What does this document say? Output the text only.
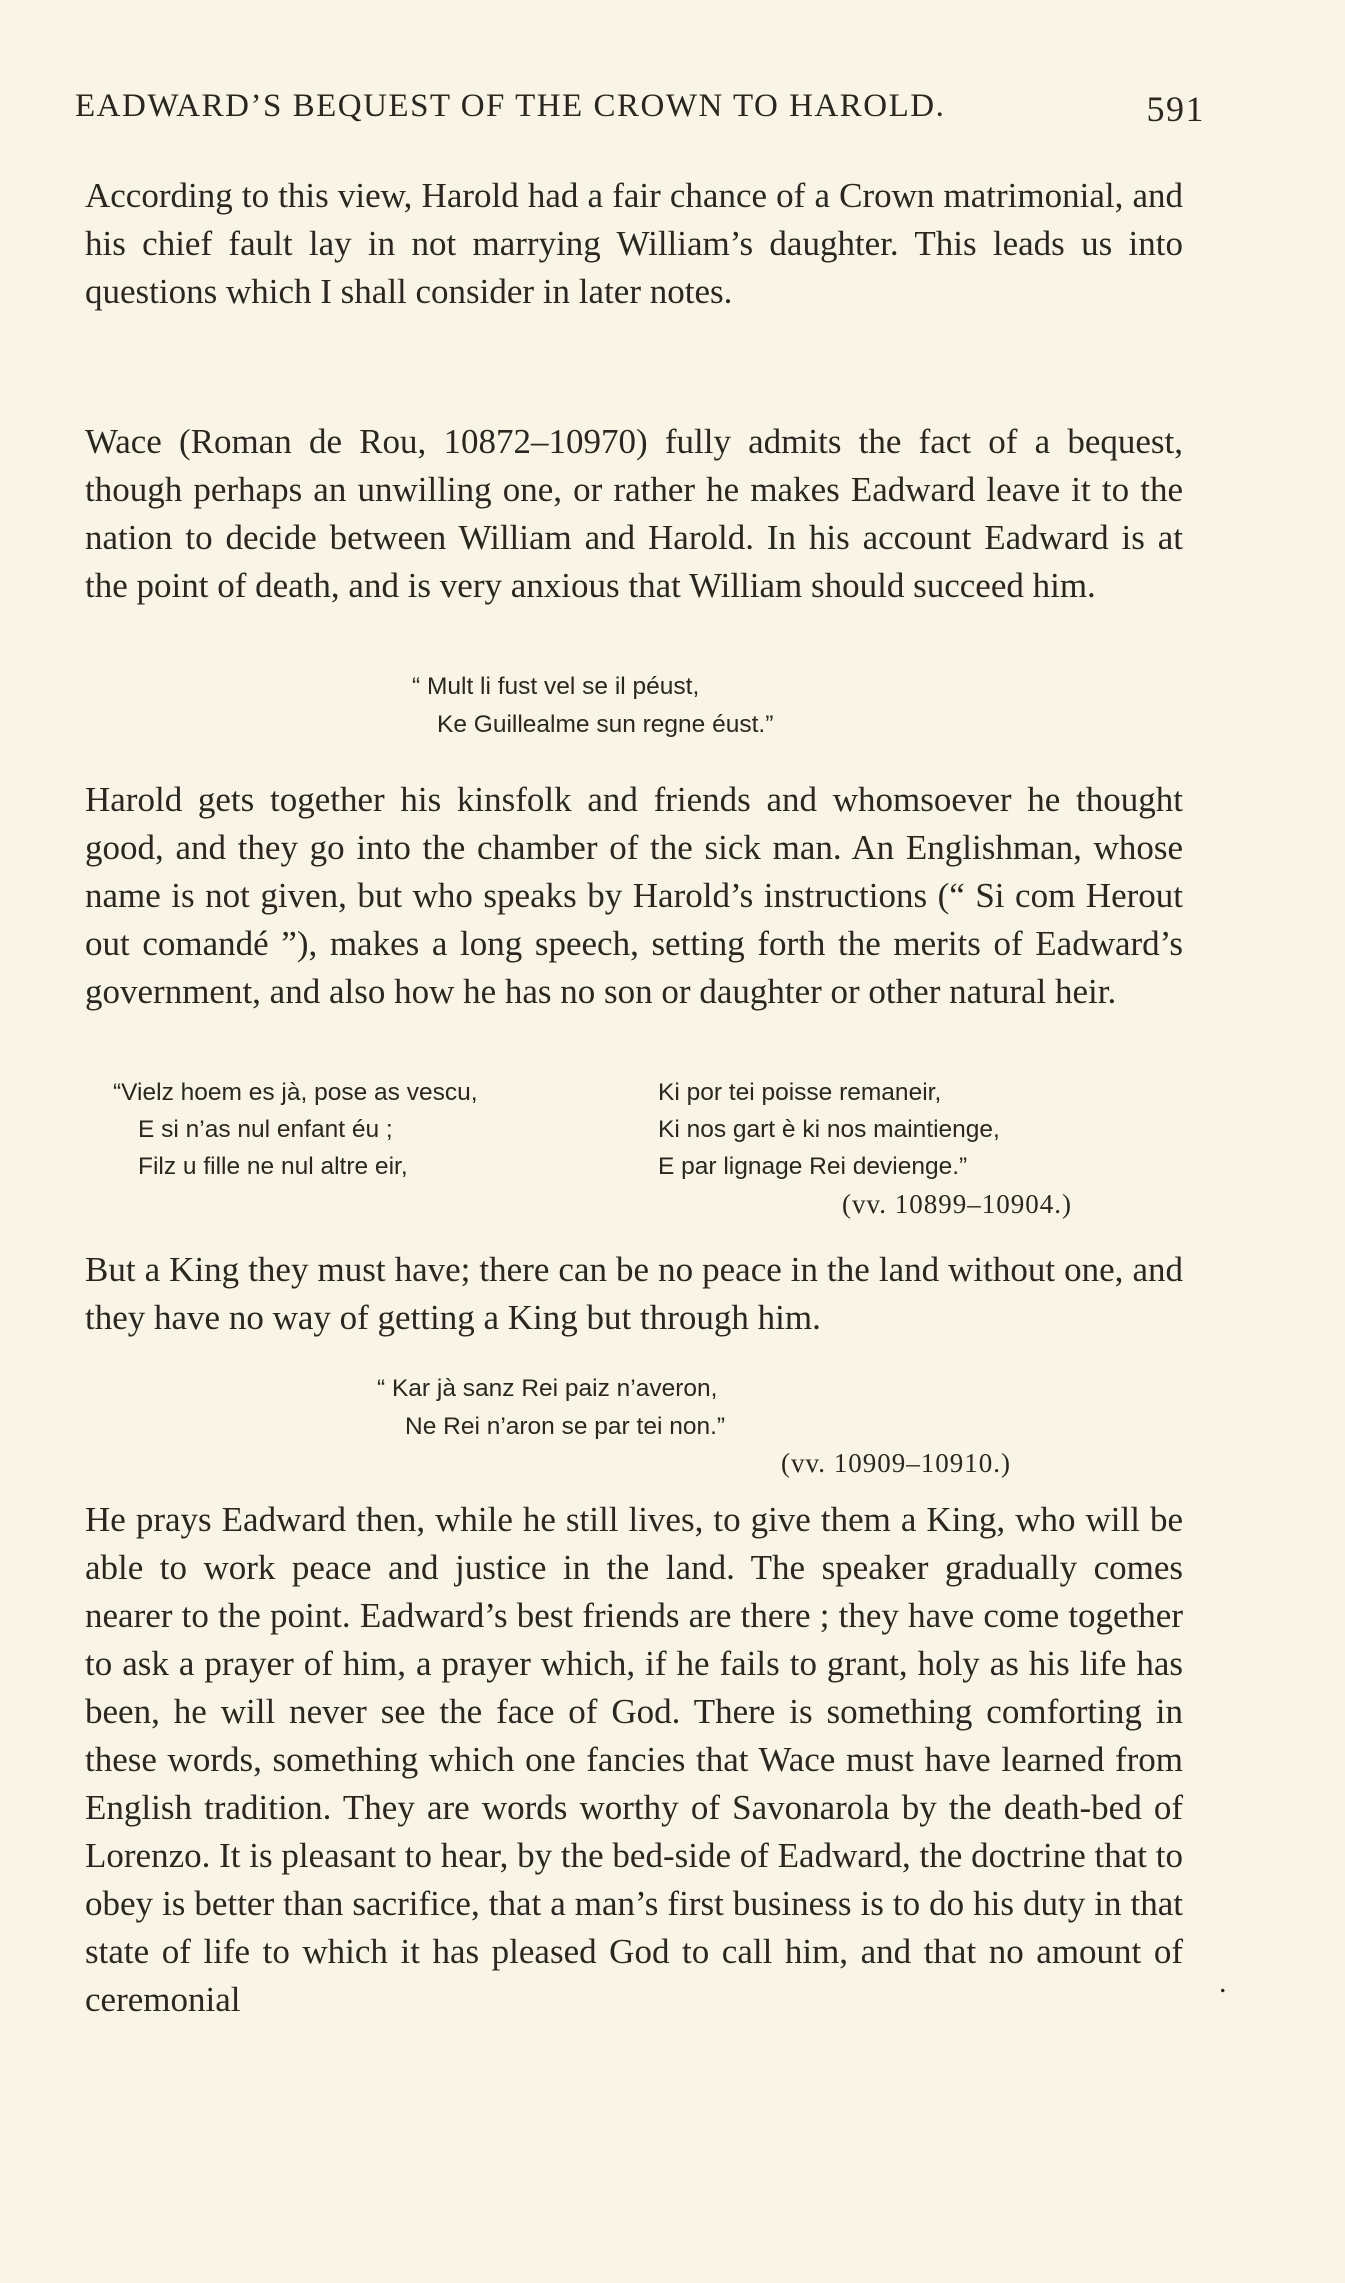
EADWARD’S BEQUEST OF THE CROWN TO HAROLD.	591

According to this view, Harold had a fair chance of a Crown matrimonial, and his chief fault lay in not marrying William’s daughter. This leads us into questions which I shall consider in later notes.

Wace (Roman de Rou, 10872–10970) fully admits the fact of a bequest, though perhaps an unwilling one, or rather he makes Eadward leave it to the nation to decide between William and Harold. In his account Eadward is at the point of death, and is very anxious that William should succeed him.

“ Mult li fust vel se il péust,
Ke Guillealme sun regne éust.”

Harold gets together his kinsfolk and friends and whomsoever he thought good, and they go into the chamber of the sick man. An Englishman, whose name is not given, but who speaks by Harold’s instructions (“ Si com Herout out comandé ”), makes a long speech, setting forth the merits of Eadward’s government, and also how he has no son or daughter or other natural heir.

“Vielz hoem es jà, pose as vescu,
E si n’as nul enfant éu ;
Filz u fille ne nul altre eir,
Ki por tei poisse remaneir,
Ki nos gart è ki nos maintienge,
E par lignage Rei devienge.”
(vv. 10899–10904.)

But a King they must have; there can be no peace in the land without one, and they have no way of getting a King but through him.

“ Kar jà sanz Rei paiz n’averon,
Ne Rei n’aron se par tei non.”
(vv. 10909–10910.)

He prays Eadward then, while he still lives, to give them a King, who will be able to work peace and justice in the land. The speaker gradually comes nearer to the point. Eadward’s best friends are there ; they have come together to ask a prayer of him, a prayer which, if he fails to grant, holy as his life has been, he will never see the face of God. There is something comforting in these words, something which one fancies that Wace must have learned from English tradition. They are words worthy of Savonarola by the death-bed of Lorenzo. It is pleasant to hear, by the bed-side of Eadward, the doctrine that to obey is better than sacrifice, that a man’s first business is to do his duty in that state of life to which it has pleased God to call him, and that no amount of ceremonial	.
